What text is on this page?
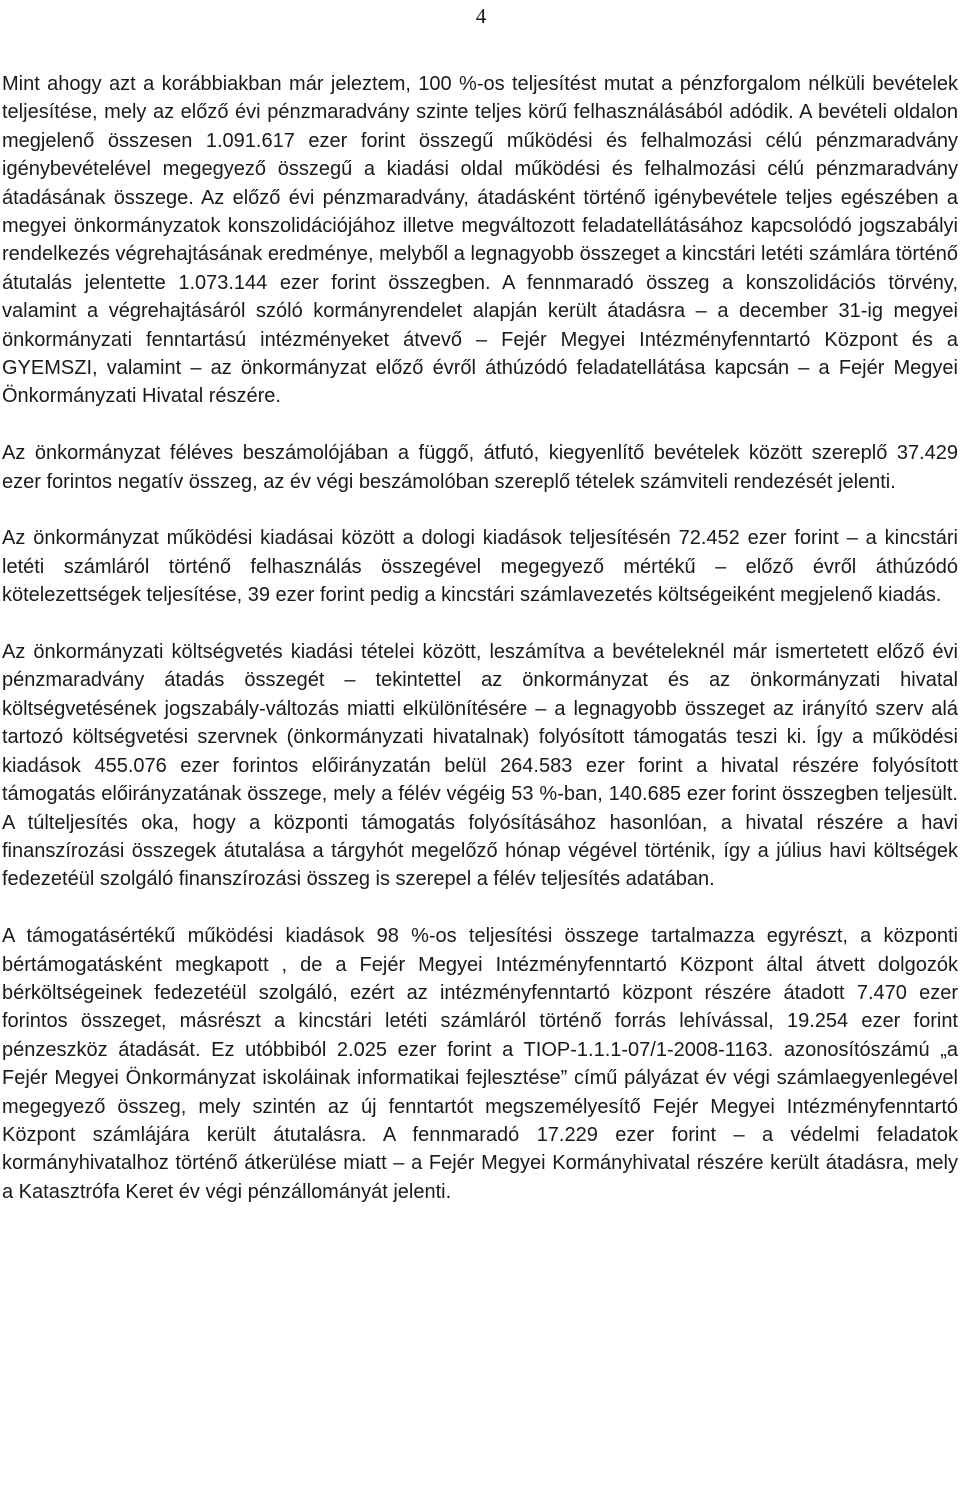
4

Mint ahogy azt a korábbiakban már jeleztem, 100 %-os teljesítést mutat a pénzforgalom nélküli bevételek teljesítése, mely az előző évi pénzmaradvány szinte teljes körű felhasználásából adódik. A bevételi oldalon megjelenő összesen 1.091.617 ezer forint összegű működési és felhalmozási célú pénzmaradvány igénybevételével megegyező összegű a kiadási oldal működési és felhalmozási célú pénzmaradvány átadásának összege. Az előző évi pénzmaradvány, átadásként történő igénybevétele teljes egészében a megyei önkormányzatok konszolidációjához illetve megváltozott feladatellátásához kapcsolódó jogszabályi rendelkezés végrehajtásának eredménye, melyből a legnagyobb összeget a kincstári letéti számlára történő átutalás jelentette 1.073.144 ezer forint összegben. A fennmaradó összeg a konszolidációs törvény, valamint a végrehajtásáról szóló kormányrendelet alapján került átadásra – a december 31-ig megyei önkormányzati fenntartású intézményeket átvevő – Fejér Megyei Intézményfenntartó Központ és a GYEMSZI, valamint – az önkormányzat előző évről áthúzódó feladatellátása kapcsán – a Fejér Megyei Önkormányzati Hivatal részére.

Az önkormányzat féléves beszámolójában a függő, átfutó, kiegyenlítő bevételek között szereplő 37.429 ezer forintos negatív összeg, az év végi beszámolóban szereplő tételek számviteli rendezését jelenti.

Az önkormányzat működési kiadásai között a dologi kiadások teljesítésén 72.452 ezer forint – a kincstári letéti számláról történő felhasználás összegével megegyező mértékű – előző évről áthúzódó kötelezettségek teljesítése, 39 ezer forint pedig a kincstári számlavezetés költségeiként megjelenő kiadás.

Az önkormányzati költségvetés kiadási tételei között, leszámítva a bevételeknél már ismertetett előző évi pénzmaradvány átadás összegét – tekintettel az önkormányzat és az önkormányzati hivatal költségvetésének jogszabály-változás miatti elkülönítésére – a legnagyobb összeget az irányító szerv alá tartozó költségvetési szervnek (önkormányzati hivatalnak) folyósított támogatás teszi ki. Így a működési kiadások 455.076 ezer forintos előirányzatán belül 264.583 ezer forint a hivatal részére folyósított támogatás előirányzatának összege, mely a félév végéig 53 %-ban, 140.685 ezer forint összegben teljesült. A túlteljesítés oka, hogy a központi támogatás folyósításához hasonlóan, a hivatal részére a havi finanszírozási összegek átutalása a tárgyhót megelőző hónap végével történik, így a július havi költségek fedezetéül szolgáló finanszírozási összeg is szerepel a félév teljesítés adatában.

A támogatásértékű működési kiadások 98 %-os teljesítési összege tartalmazza egyrészt, a központi bértámogatásként megkapott , de a Fejér Megyei Intézményfenntartó Központ által átvett dolgozók bérköltségeinek fedezetéül szolgáló, ezért az intézményfenntartó központ részére átadott 7.470 ezer forintos összeget, másrészt a kincstári letéti számláról történő forrás lehívással, 19.254 ezer forint pénzeszköz átadását. Ez utóbbiból 2.025 ezer forint a TIOP-1.1.1-07/1-2008-1163. azonosítószámú „a Fejér Megyei Önkormányzat iskoláinak informatikai fejlesztése” című pályázat év végi számlaegyenlegével megegyező összeg, mely szintén az új fenntartót megszemélyesítő Fejér Megyei Intézményfenntartó Központ számlájára került átutalásra. A fennmaradó 17.229 ezer forint – a védelmi feladatok kormányhivatalhoz történő átkerülése miatt – a Fejér Megyei Kormányhivatal részére került átadásra, mely a Katasztrófa Keret év végi pénzállományát jelenti.
